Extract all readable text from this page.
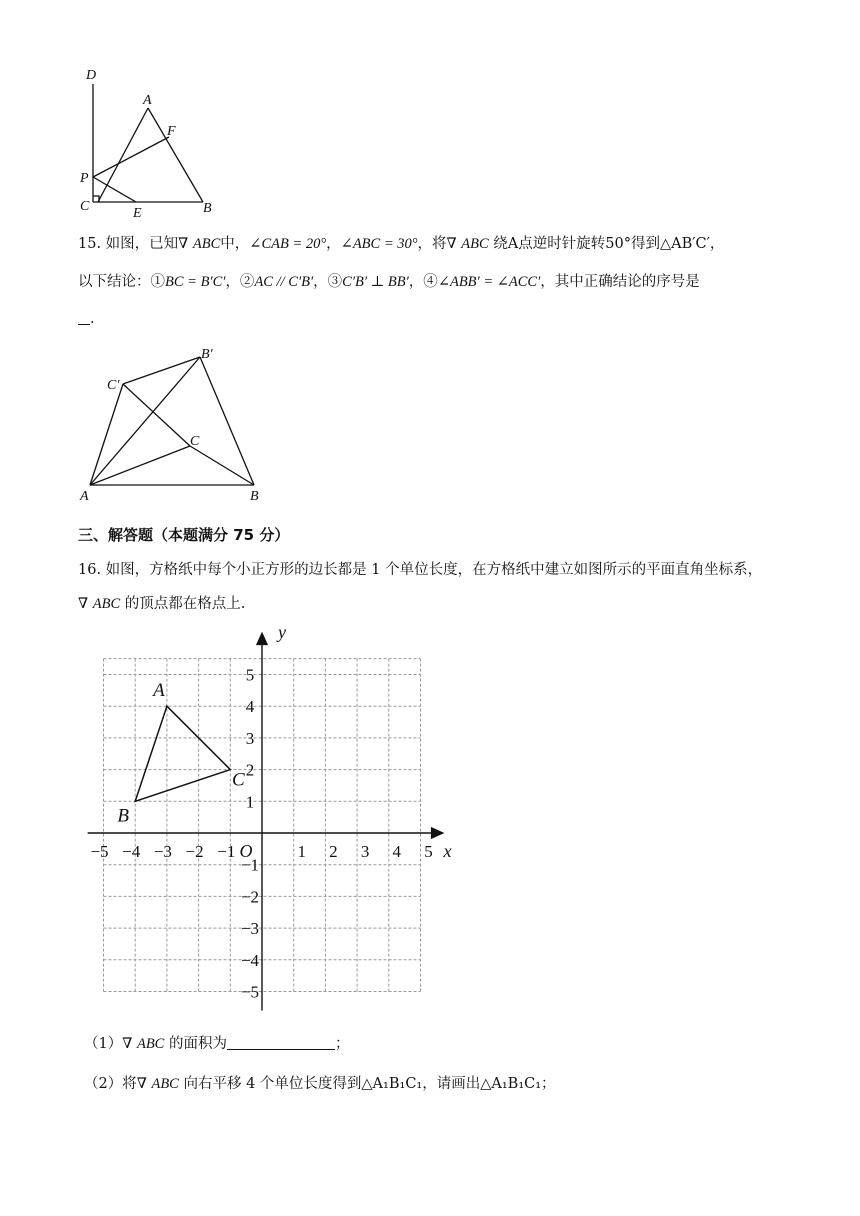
D
A
F
P
C	E	B
15. 如图，已知∇ ABC中，∠CAB = 20°，∠ABC = 30°，将∇ ABC 绕A点逆时针旋转50°得到△AB′C′，
以下结论：①BC = B′C′，②AC // C′B′，③C′B′ ⊥ BB′，④∠ABB′ = ∠ACC′，其中正确结论的序号是
.
B′
C′
C
A	B
三、解答题（本题满分 75 分）
16. 如图，方格纸中每个小正方形的边长都是 1 个单位长度，在方格纸中建立如图所示的平面直角坐标系，
∇ ABC 的顶点都在格点上.
−5 −4 −3 −2 −1	1 2 3 4 5
5
4
3
2
1
−1
−2
−3
−4
−5
x
y
O
A
B
C
（1）∇ ABC 的面积为	；
（2）将∇ ABC 向右平移 4 个单位长度得到△A₁B₁C₁，请画出△A₁B₁C₁；
